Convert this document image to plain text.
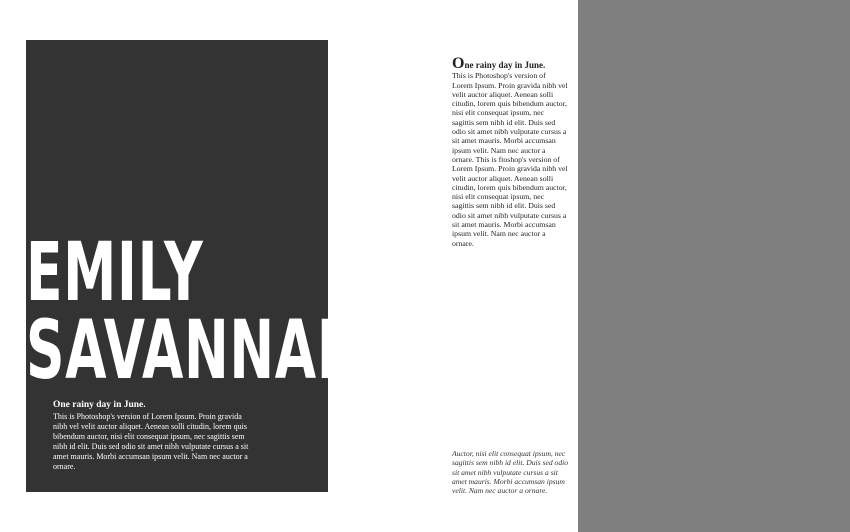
EMILY
SAVANNAH

One rainy day in June.

This is Photoshop's version of Lorem Ipsum. Proin gravida nibh vel velit auctor aliquet. Aenean solli citudin, lorem quis bibendum auctor, nisi elit consequat ipsum, nec sagittis sem nibh id elit. Duis sed odio sit amet nibh vulputate cursus a sit amet mauris. Morbi accumsan ipsum velit. Nam nec auctor a ornare.

One rainy day in June.

This is Photoshop's version of Lorem Ipsum. Proin gravida nibh vel velit auctor aliquet. Aenean solli citudin, lorem quis bibendum auctor, nisi elit consequat ipsum, nec sagittis sem nibh id elit. Duis sed odio sit amet nibh vulputate cursus a sit amet mauris. Morbi accumsan ipsum velit. Nam nec auctor a ornare. This is ftoshop's version of Lorem Ipsum. Proin gravida nibh vel velit auctor aliquet. Aenean solli citudin, lorem quis bibendum auctor, nisi elit consequat ipsum, nec sagittis sem nibh id elit. Duis sed odio sit amet nibh vulputate cursus a sit amet mauris. Morbi accumsan ipsum velit. Nam nec auctor a ornare.

Auctor, nisi elit consequat ipsum, nec sagittis sem nibh id elit. Duis sed odio sit amet nibh vulputate cursus a sit amet mauris. Morbi accumsan ipsum velit. Nam nec auctor a ornare.
